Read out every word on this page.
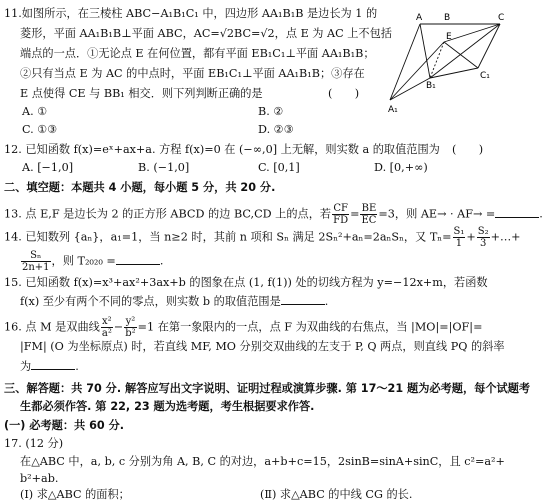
11.如图所示，在三棱柱 ABC−A₁B₁C₁ 中，四边形 AA₁B₁B 是边长为 1 的
菱形，平面 AA₁B₁B⊥平面 ABC，AC=√2BC=√2，点 E 为 AC 上不包括
端点的一点．①无论点 E 在何位置，都有平面 EB₁C₁⊥平面 AA₁B₁B；
②只有当点 E 为 AC 的中点时，平面 EB₁C₁⊥平面 AA₁B₁B；③存在
E 点使得 CE 与 BB₁ 相交．则下列判断正确的是	(　　)
A. ①	B. ②
C. ①③	D. ②③
A B	C
E
A₁
B₁
C₁
12. 已知函数 f(x)=eˣ+ax+a. 方程 f(x)=0 在 (−∞,0] 上无解，则实数 a 的取值范围为 (　　)
A. [−1,0]	B. (−1,0]	C. [0,1]	D. [0,+∞)
二、填空题：本题共 4 小题，每小题 5 分，共 20 分.
13. 点 E,F 是边长为 2 的正方形 ABCD 的边 BC,CD 上的点，若 $\frac{CF}{FD} = \frac{BE}{EC} =3$，则 AE→ · AF→ =	.
14. 已知数列 {aₙ}，a₁=1，当 n≥2 时，其前 n 项和 Sₙ 满足 2Sₙ²+aₙ=2aₙSₙ，又 $T_n= \frac{\text{S₁}}{1} + \frac{\text{S₂}}{3}$ +…+
$\frac{\text{Sₙ}}{2n+1}$ ，则 T₂₀₂₀ =	.
15. 已知函数 f(x)=x³+ax²+3ax+b 的图象在点 (1, f(1)) 处的切线方程为 y=−12x+m，若函数
f(x) 至少有两个不同的零点，则实数 b 的取值范围是	.
16. 点 M 是双曲线 $\frac{\text{x²}}{\text{a²}} - \frac{\text{y²}}{\text{b²}} =1$ 在第一象限内的一点，点 F 为双曲线的右焦点，当 |MO|=|OF|=
|FM| (O 为坐标原点) 时，若直线 MF, MO 分别交双曲线的左支于 P, Q 两点，则直线 PQ 的斜率
为	.
三、解答题：共 70 分. 解答应写出文字说明、证明过程或演算步骤. 第 17～21 题为必考题，每个试题考
生都必须作答. 第 22, 23 题为选考题，考生根据要求作答.
(一) 必考题：共 60 分.
17. (12 分)
在△ABC 中，a, b, c 分别为角 A, B, C 的对边，a+b+c=15，2sinB=sinA+sinC，且 c²=a²+
b²+ab.
(Ⅰ) 求△ABC 的面积；	(Ⅱ) 求△ABC 的中线 CG 的长.
